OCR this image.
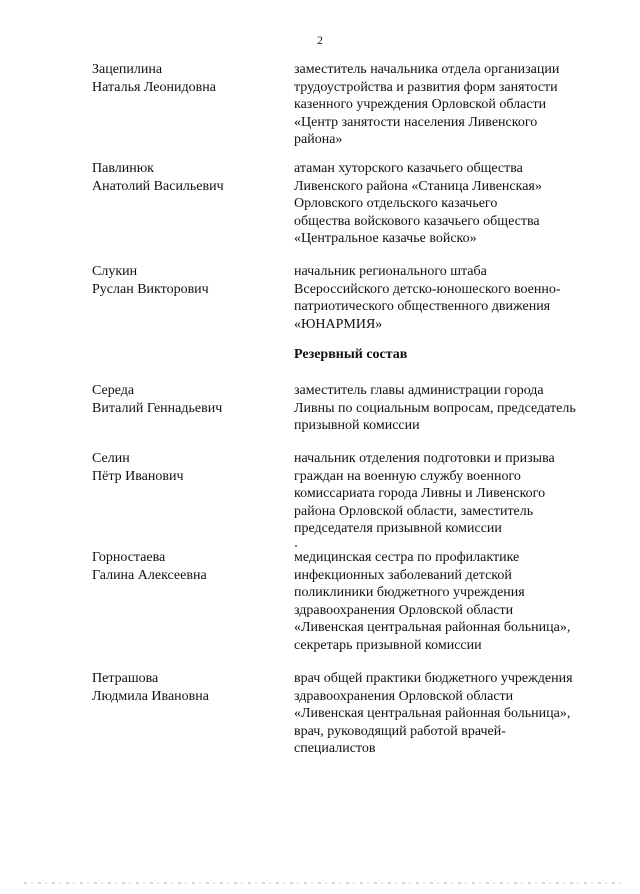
2
Зацепилина
Наталья Леонидовна
заместитель начальника отдела организации
трудоустройства и развития форм занятости
казенного учреждения Орловской области
«Центр занятости населения Ливенского
района»
Павлинюк
Анатолий Васильевич
атаман хуторского казачьего общества
Ливенского района «Станица Ливенская»
Орловского отдельского казачьего
общества войскового казачьего общества
«Центральное казачье войско»
Слукин
Руслан Викторович
начальник регионального штаба
Всероссийского детско-юношеского военно-
патриотического общественного движения
«ЮНАРМИЯ»
Резервный состав
Середа
Виталий Геннадьевич
заместитель главы администрации города
Ливны по социальным вопросам, председатель
призывной комиссии
Селин
Пётр Иванович
начальник отделения подготовки и призыва
граждан на военную службу военного
комиссариата города Ливны и Ливенского
района Орловской области, заместитель
председателя призывной комиссии
Горностаева
Галина Алексеевна
медицинская сестра по профилактике
инфекционных заболеваний детской
поликлиники бюджетного учреждения
здравоохранения Орловской области
«Ливенская центральная районная больница»,
секретарь призывной комиссии
Петрашова
Людмила Ивановна
врач общей практики бюджетного учреждения
здравоохранения Орловской области
«Ливенская центральная районная больница»,
врач, руководящий работой врачей-
специалистов
